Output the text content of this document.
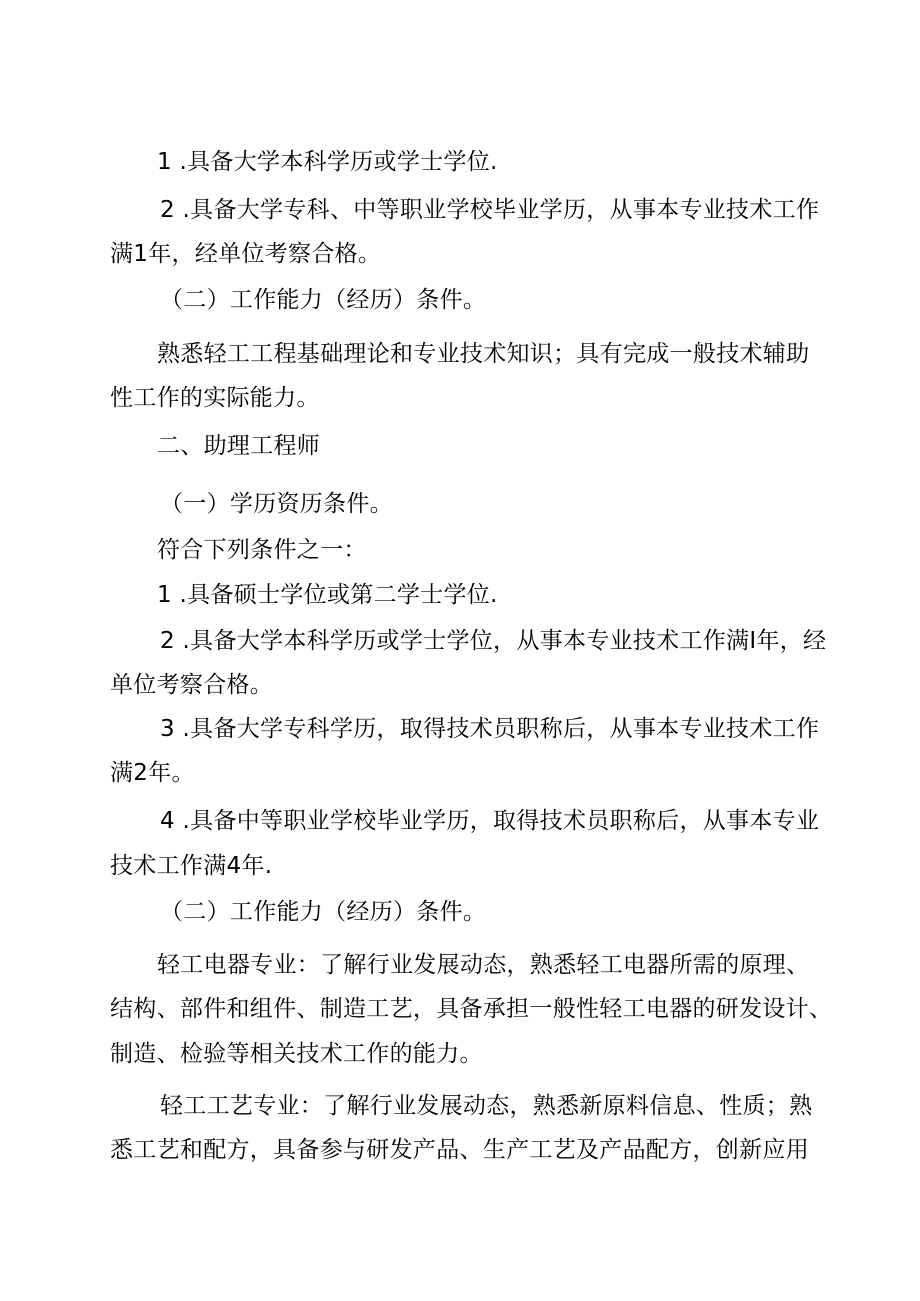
1 .具备大学本科学历或学士学位.
2 .具备大学专科、中等职业学校毕业学历，从事本专业技术工作
满1年，经单位考察合格。
（二）工作能力（经历）条件。
熟悉轻工工程基础理论和专业技术知识；具有完成一般技术辅助
性工作的实际能力。
二、助理工程师
（一）学历资历条件。
符合下列条件之一：
1 .具备硕士学位或第二学士学位.
2 .具备大学本科学历或学士学位，从事本专业技术工作满I年，经
单位考察合格。
3 .具备大学专科学历，取得技术员职称后，从事本专业技术工作
满2年。
4 .具备中等职业学校毕业学历，取得技术员职称后，从事本专业
技术工作满4年.
（二）工作能力（经历）条件。
轻工电器专业：了解行业发展动态，熟悉轻工电器所需的原理、
结构、部件和组件、制造工艺，具备承担一般性轻工电器的研发设计、
制造、检验等相关技术工作的能力。
轻工工艺专业：了解行业发展动态，熟悉新原料信息、性质；熟
悉工艺和配方，具备参与研发产品、生产工艺及产品配方，创新应用
